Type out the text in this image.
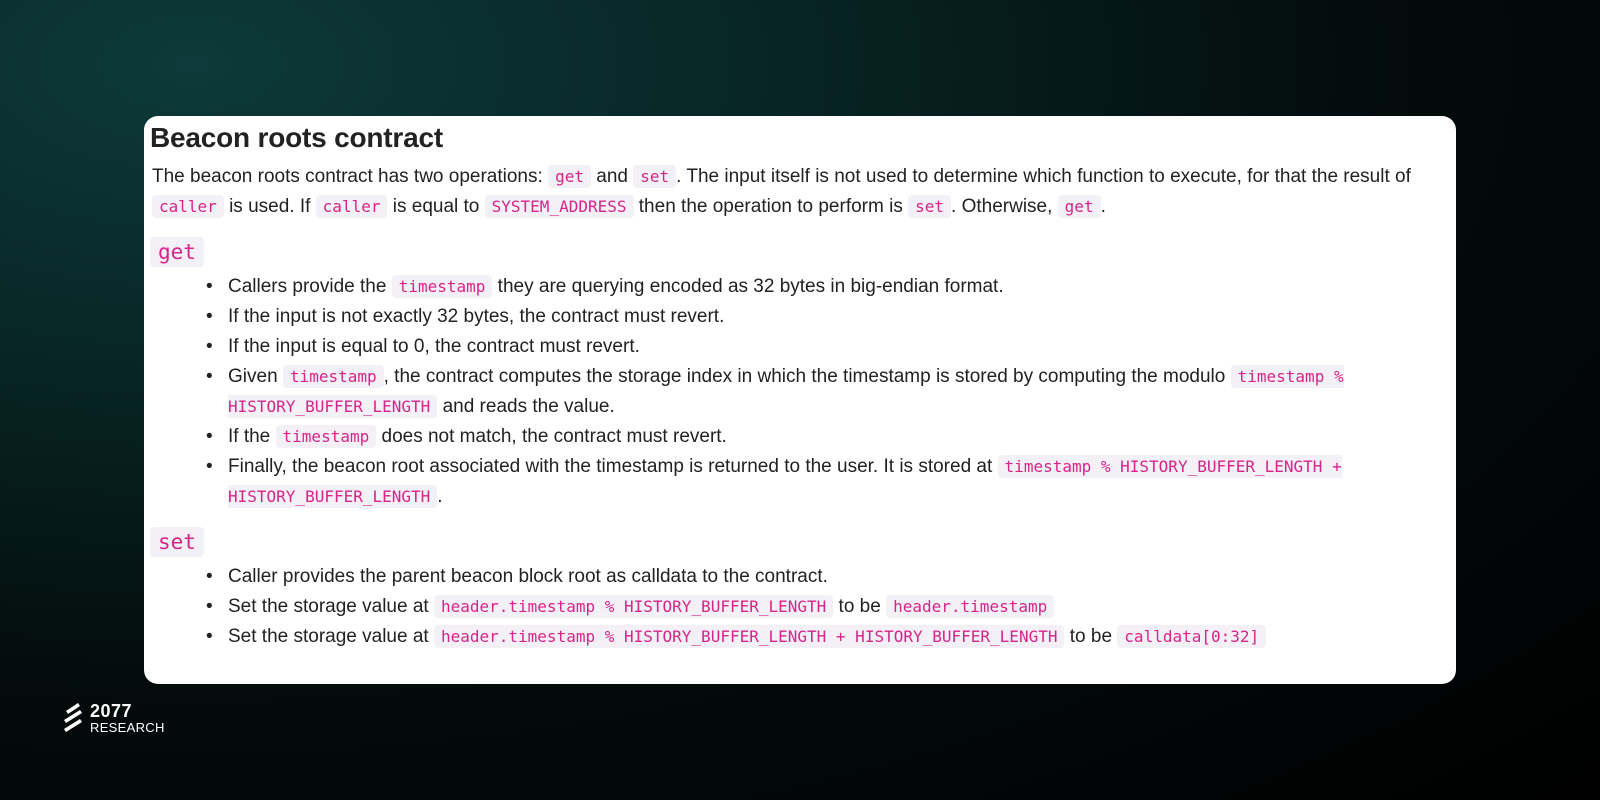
Beacon roots contract

The beacon roots contract has two operations: get and set . The input itself is not used to determine which function to execute, for that the result of caller is used. If caller is equal to SYSTEM_ADDRESS then the operation to perform is set . Otherwise, get .

get
• Callers provide the timestamp they are querying encoded as 32 bytes in big-endian format.
• If the input is not exactly 32 bytes, the contract must revert.
• If the input is equal to 0, the contract must revert.
• Given timestamp , the contract computes the storage index in which the timestamp is stored by computing the modulo timestamp % HISTORY_BUFFER_LENGTH and reads the value.
• If the timestamp does not match, the contract must revert.
• Finally, the beacon root associated with the timestamp is returned to the user. It is stored at timestamp % HISTORY_BUFFER_LENGTH + HISTORY_BUFFER_LENGTH .
set
• Caller provides the parent beacon block root as calldata to the contract.
• Set the storage value at header.timestamp % HISTORY_BUFFER_LENGTH to be header.timestamp
• Set the storage value at header.timestamp % HISTORY_BUFFER_LENGTH + HISTORY_BUFFER_LENGTH to be calldata[0:32]
2077
RESEARCH
